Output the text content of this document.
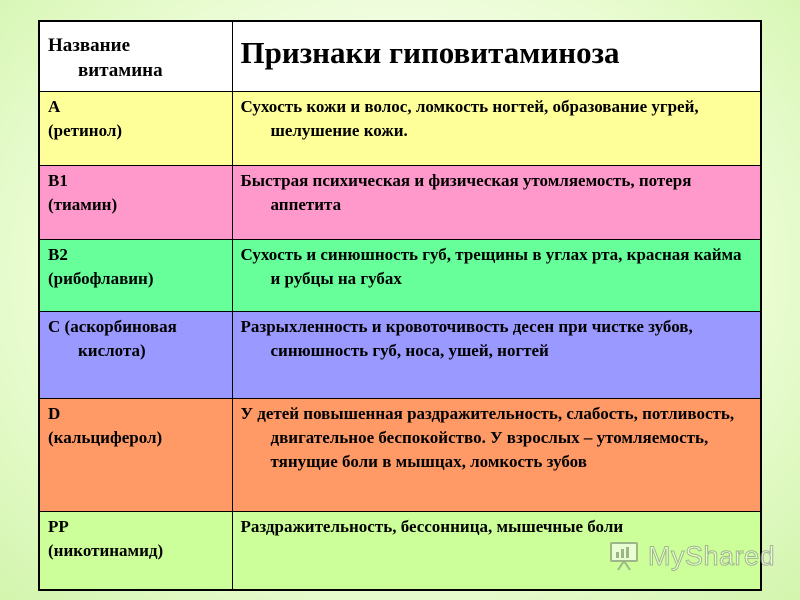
Название

витамина	Признаки гиповитаминоза
А
(ретинол)	Сухость кожи и волос, ломкость ногтей, образование угрей, шелушение кожи.

В1
(тиамин)	Быстрая психическая и физическая утомляемость, потеря аппетита

В2
(рибофлавин)	Сухость и синюшность губ, трещины в углах рта, красная кайма и рубцы на губах

С (аскорбиновая

кислота)	Разрыхленность и кровоточивость десен при чистке зубов, синюшность губ, носа, ушей, ногтей

D
(кальциферол)	У детей повышенная раздражительность, слабость, потливость, двигательное беспокойство. У взрослых – утомляемость, тянущие боли в мышцах, ломкость зубов

РР
(никотинамид)	Раздражительность, бессонница, мышечные боли
MyShared
